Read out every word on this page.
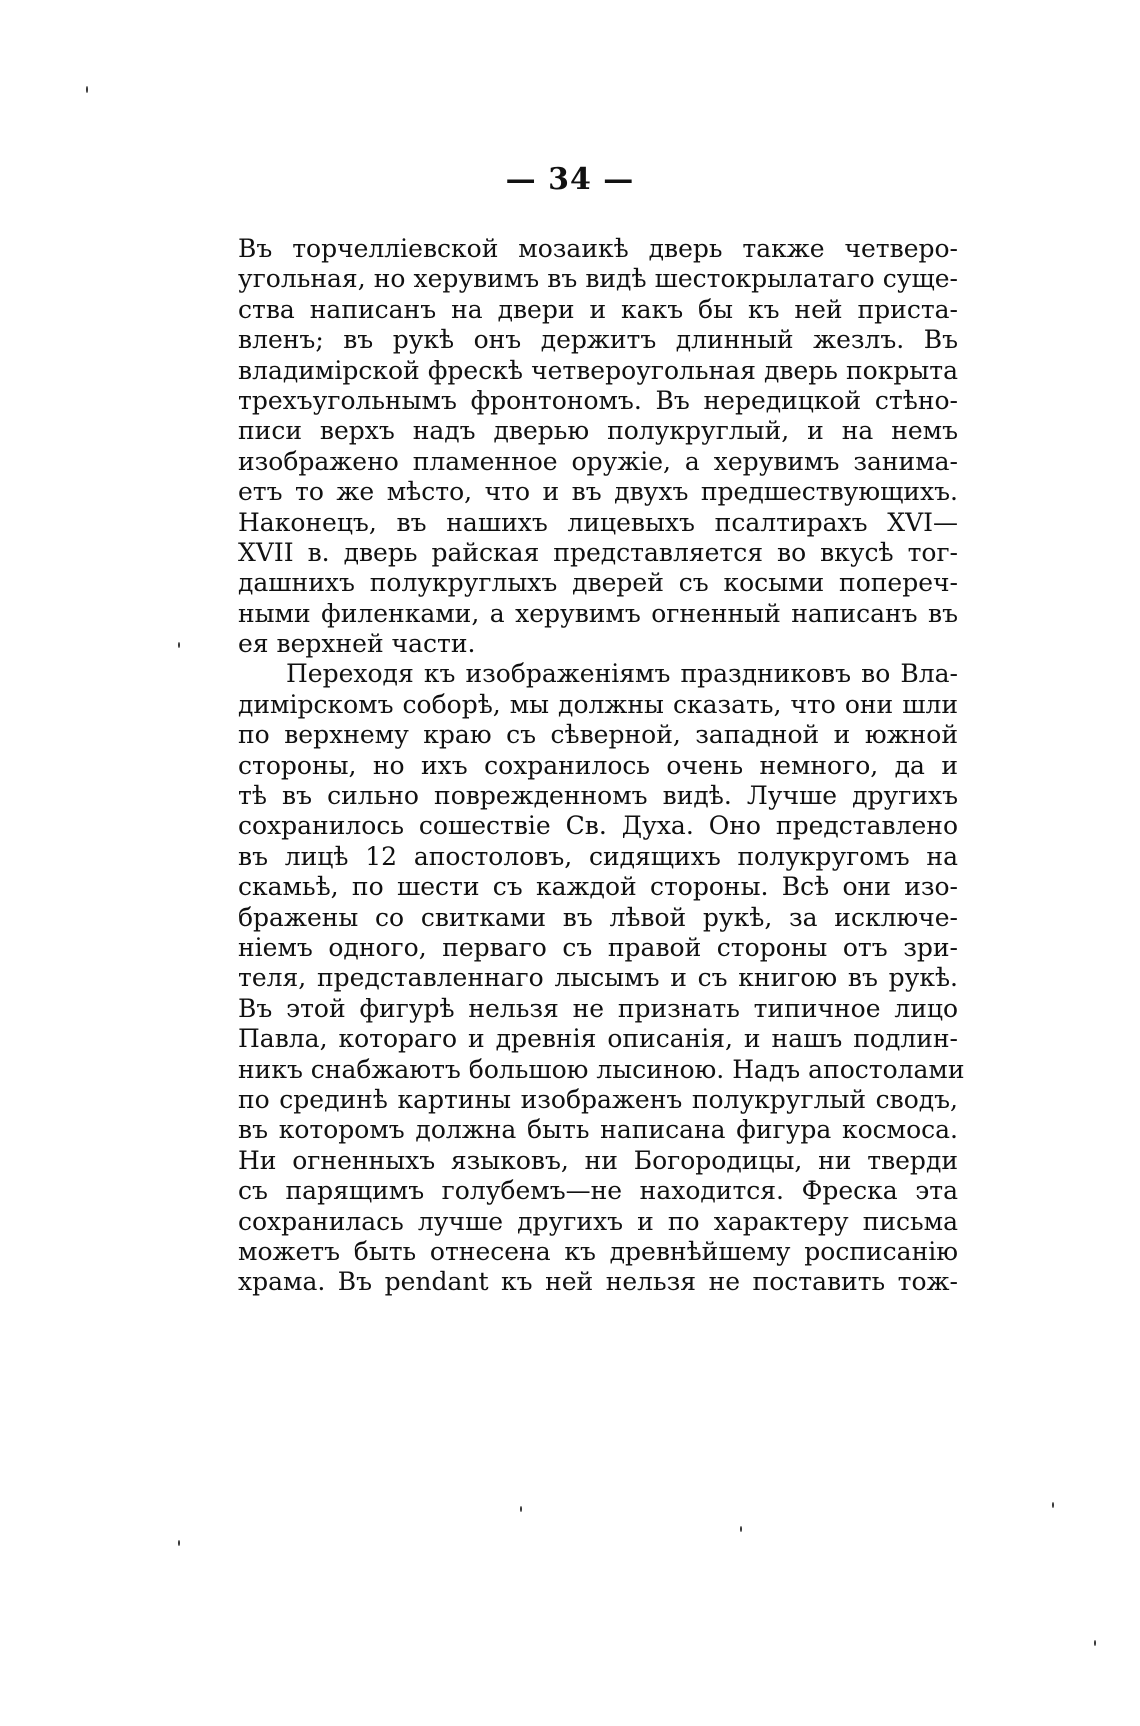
— 34 —
Въ торчелліевской мозаикѣ дверь также четверо-
угольная, но херувимъ въ видѣ шестокрылатаго суще-
ства написанъ на двери и какъ бы къ ней приста-
вленъ; въ рукѣ онъ держитъ длинный жезлъ. Въ
владимірской фрескѣ четвероугольная дверь покрыта
трехъугольнымъ фронтономъ. Въ нередицкой стѣно-
писи верхъ надъ дверью полукруглый, и на немъ
изображено пламенное оружіе, а херувимъ занима-
етъ то же мѣсто, что и въ двухъ предшествующихъ.
Наконецъ, въ нашихъ лицевыхъ псалтирахъ XVI—
XVII в. дверь райская представляется во вкусѣ тог-
дашнихъ полукруглыхъ дверей съ косыми попереч-
ными филенками, а херувимъ огненный написанъ въ
ея верхней части.
Переходя къ изображеніямъ праздниковъ во Вла-
димірскомъ соборѣ, мы должны сказать, что они шли
по верхнему краю съ сѣверной, западной и южной
стороны, но ихъ сохранилось очень немного, да и
тѣ въ сильно поврежденномъ видѣ. Лучше другихъ
сохранилось сошествіе Св. Духа. Оно представлено
въ лицѣ 12 апостоловъ, сидящихъ полукругомъ на
скамьѣ, по шести съ каждой стороны. Всѣ они изо-
бражены со свитками въ лѣвой рукѣ, за исключе-
ніемъ одного, перваго съ правой стороны отъ зри-
теля, представленнаго лысымъ и съ книгою въ рукѣ.
Въ этой фигурѣ нельзя не признать типичное лицо
Павла, котораго и древнія описанія, и нашъ подлин-
никъ снабжаютъ большою лысиною. Надъ апостолами
по срединѣ картины изображенъ полукруглый сводъ,
въ которомъ должна быть написана фигура космоса.
Ни огненныхъ языковъ, ни Богородицы, ни тверди
съ парящимъ голубемъ—не находится. Фреска эта
сохранилась лучше другихъ и по характеру письма
можетъ быть отнесена къ древнѣйшему росписанію
храма. Въ pendant къ ней нельзя не поставить тож-
